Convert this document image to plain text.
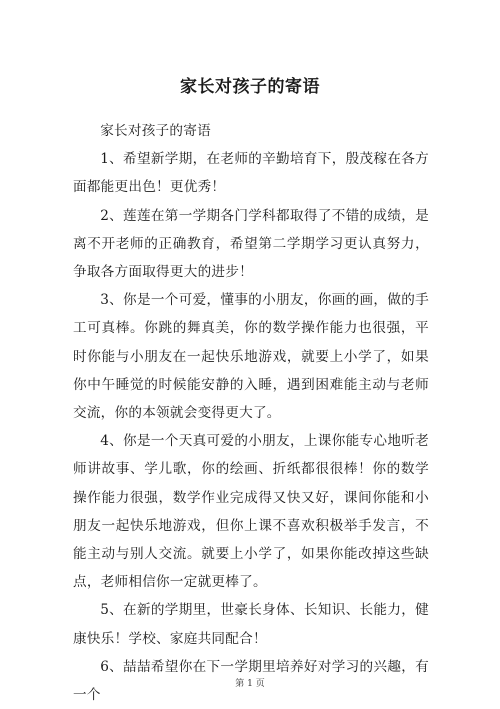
家长对孩子的寄语

家长对孩子的寄语

1、希望新学期，在老师的辛勤培育下，殷茂稼在各方面都能更出色！更优秀！

2、莲莲在第一学期各门学科都取得了不错的成绩，是离不开老师的正确教育，希望第二学期学习更认真努力，争取各方面取得更大的进步！

3、你是一个可爱，懂事的小朋友，你画的画，做的手工可真棒。你跳的舞真美，你的数学操作能力也很强，平时你能与小朋友在一起快乐地游戏，就要上小学了，如果你中午睡觉的时候能安静的入睡，遇到困难能主动与老师交流，你的本领就会变得更大了。

4、你是一个天真可爱的小朋友，上课你能专心地听老师讲故事、学儿歌，你的绘画、折纸都很很棒！你的数学操作能力很强，数学作业完成得又快又好，课间你能和小朋友一起快乐地游戏，但你上课不喜欢积极举手发言，不能主动与别人交流。就要上小学了，如果你能改掉这些缺点，老师相信你一定就更棒了。

5、在新的学期里，世豪长身体、长知识、长能力，健康快乐！学校、家庭共同配合！

6、喆喆希望你在下一学期里培养好对学习的兴趣，有一个

第 1 页
